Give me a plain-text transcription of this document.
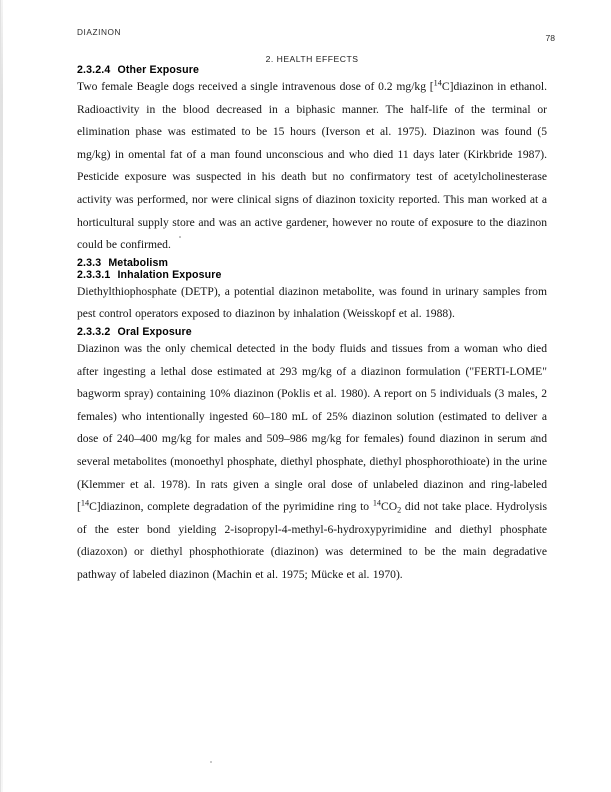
DIAZINON
78
2. HEALTH EFFECTS
2.3.2.4 Other Exposure

Two female Beagle dogs received a single intravenous dose of 0.2 mg/kg [$^{14}$C]diazinon in ethanol. Radioactivity in the blood decreased in a biphasic manner. The half-life of the terminal or elimination phase was estimated to be 15 hours (Iverson et al. 1975). Diazinon was found (5 mg/kg) in omental fat of a man found unconscious and who died 11 days later (Kirkbride 1987). Pesticide exposure was suspected in his death but no confirmatory test of acetylcholinesterase activity was performed, nor were clinical signs of diazinon toxicity reported. This man worked at a horticultural supply store and was an active gardener, however no route of exposure to the diazinon could be confirmed.

2.3.3 Metabolism
2.3.3.1 Inhalation Exposure

Diethylthiophosphate (DETP), a potential diazinon metabolite, was found in urinary samples from pest control operators exposed to diazinon by inhalation (Weisskopf et al. 1988).

2.3.3.2 Oral Exposure

Diazinon was the only chemical detected in the body fluids and tissues from a woman who died after ingesting a lethal dose estimated at 293 mg/kg of a diazinon formulation ("FERTI-LOME" bagworm spray) containing 10% diazinon (Poklis et al. 1980). A report on 5 individuals (3 males, 2 females) who intentionally ingested 60–180 mL of 25% diazinon solution (estimated to deliver a dose of 240–400 mg/kg for males and 509–986 mg/kg for females) found diazinon in serum and several metabolites (monoethyl phosphate, diethyl phosphate, diethyl phosphorothioate) in the urine (Klemmer et al. 1978). In rats given a single oral dose of unlabeled diazinon and ring-labeled [$^{14}$C]diazinon, complete degradation of the pyrimidine ring to $^{14}CO_2$ did not take place. Hydrolysis of the ester bond yielding 2-isopropyl-4-methyl-6-hydroxypyrimidine and diethyl phosphate (diazoxon) or diethyl phosphothiorate (diazinon) was determined to be the main degradative pathway of labeled diazinon (Machin et al. 1975; Mücke et al. 1970).
